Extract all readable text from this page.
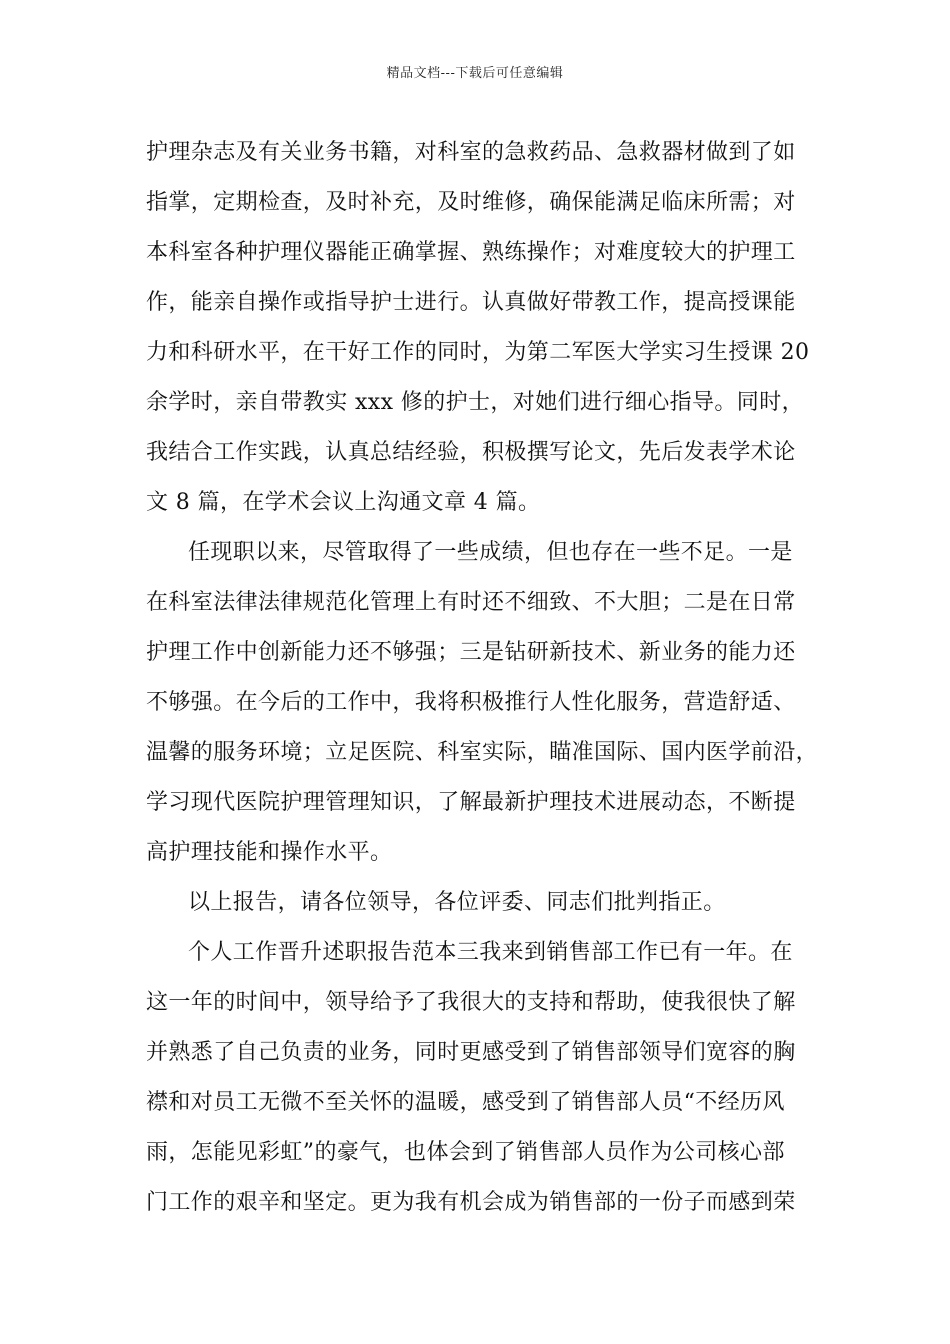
精品文档---下载后可任意编辑
护理杂志及有关业务书籍，对科室的急救药品、急救器材做到了如
指掌，定期检查，及时补充，及时维修，确保能满足临床所需；对
本科室各种护理仪器能正确掌握、熟练操作；对难度较大的护理工
作，能亲自操作或指导护士进行。认真做好带教工作，提高授课能
力和科研水平，在干好工作的同时，为第二军医大学实习生授课 20
余学时，亲自带教实 xxx 修的护士，对她们进行细心指导。同时，
我结合工作实践，认真总结经验，积极撰写论文，先后发表学术论
文 8 篇，在学术会议上沟通文章 4 篇。
任现职以来，尽管取得了一些成绩，但也存在一些不足。一是
在科室法律法律规范化管理上有时还不细致、不大胆；二是在日常
护理工作中创新能力还不够强；三是钻研新技术、新业务的能力还
不够强。在今后的工作中，我将积极推行人性化服务，营造舒适、
温馨的服务环境；立足医院、科室实际，瞄准国际、国内医学前沿，
学习现代医院护理管理知识，了解最新护理技术进展动态，不断提
高护理技能和操作水平。
以上报告，请各位领导，各位评委、同志们批判指正。
个人工作晋升述职报告范本三我来到销售部工作已有一年。在
这一年的时间中，领导给予了我很大的支持和帮助，使我很快了解
并熟悉了自己负责的业务，同时更感受到了销售部领导们宽容的胸
襟和对员工无微不至关怀的温暖，感受到了销售部人员“不经历风
雨，怎能见彩虹”的豪气，也体会到了销售部人员作为公司核心部
门工作的艰辛和坚定。更为我有机会成为销售部的一份子而感到荣
